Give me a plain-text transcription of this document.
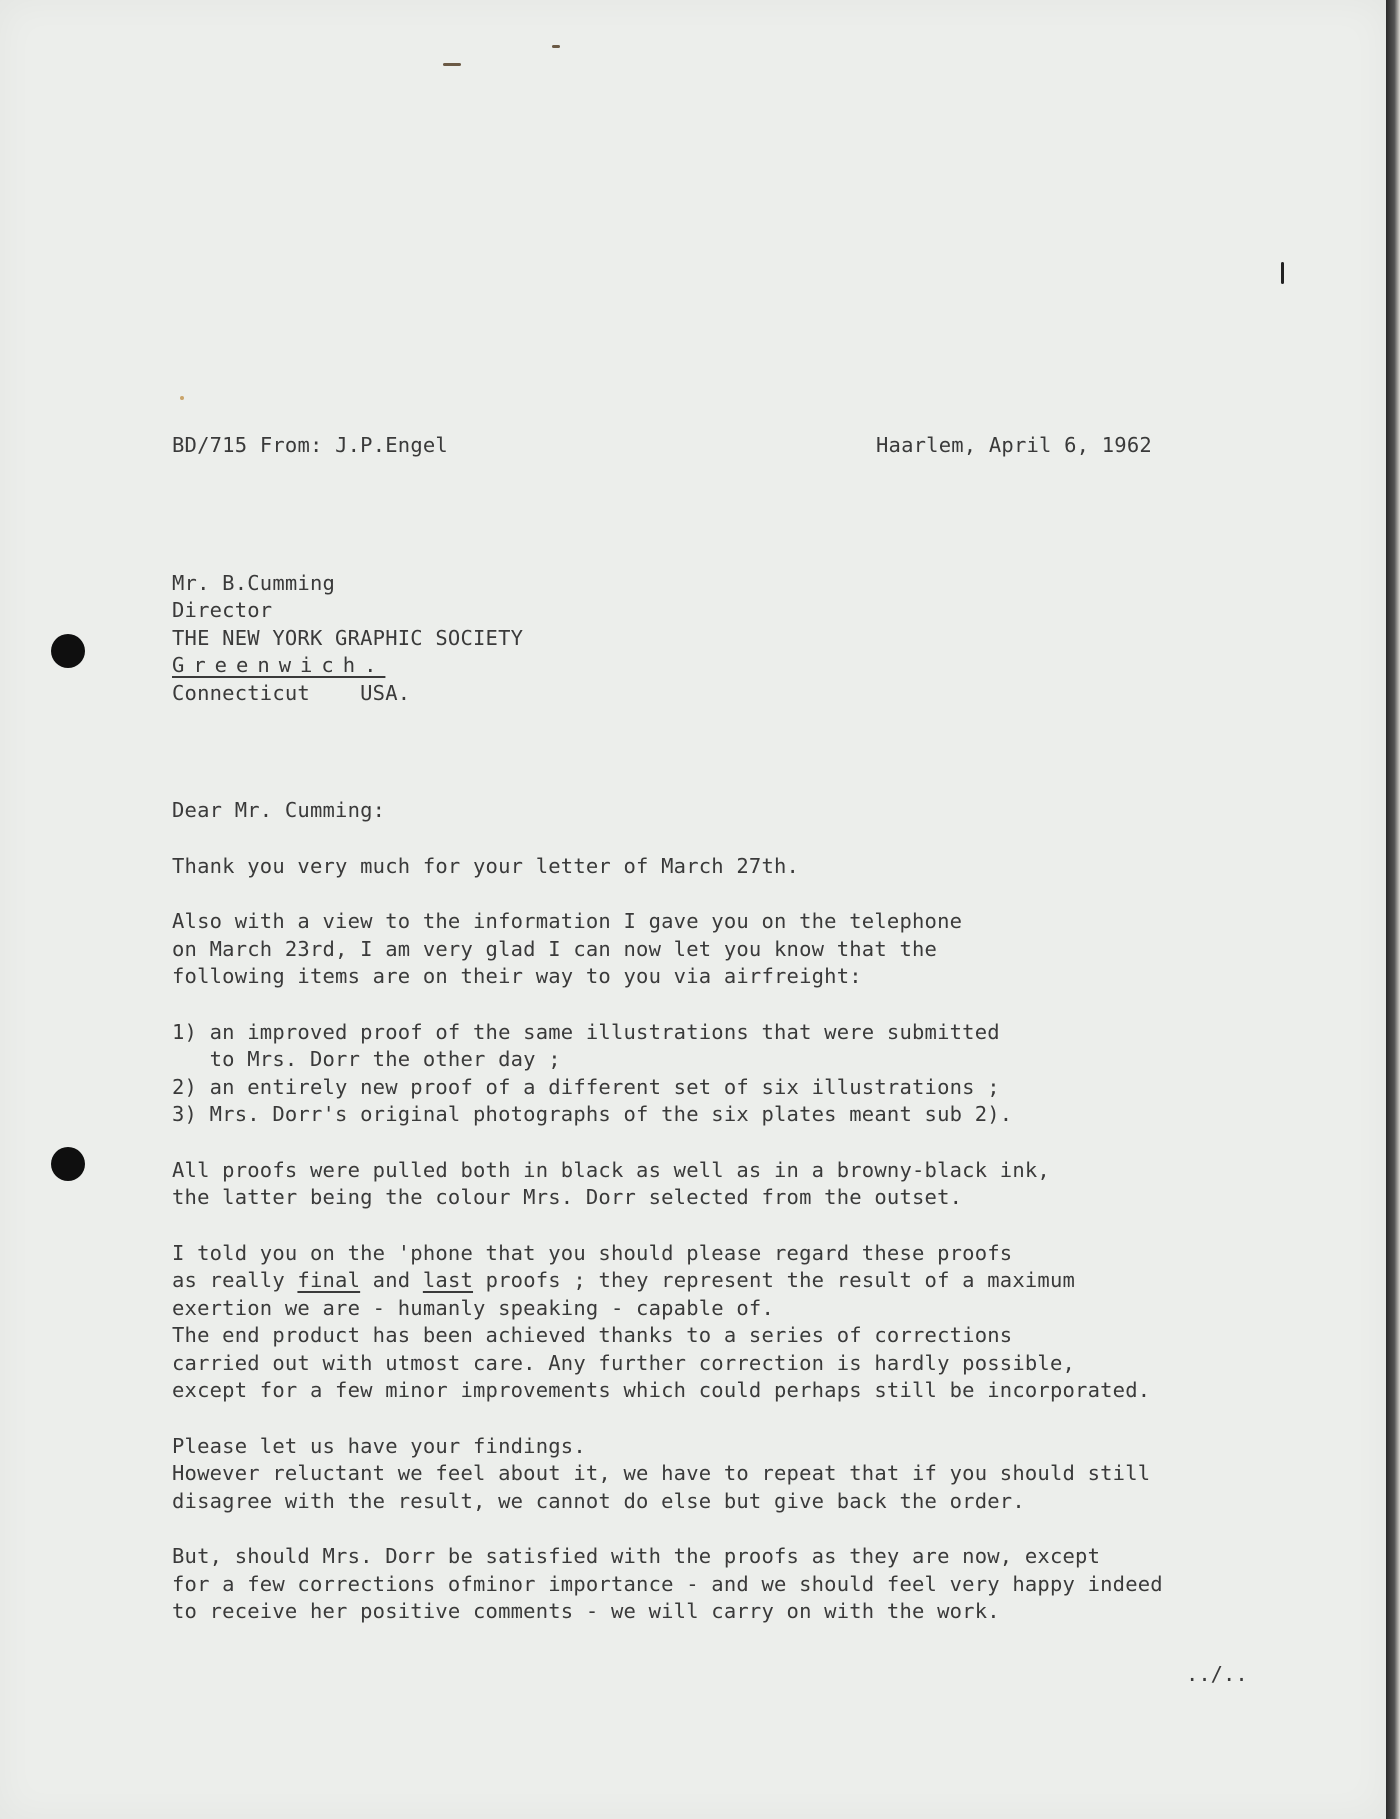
BD/715 From: J.P.Engel	Haarlem, April 6, 1962
Mr. B.Cumming
Director
THE NEW YORK GRAPHIC SOCIETY
Greenwich.
Connecticut    USA.
Dear Mr. Cumming:
Thank you very much for your letter of March 27th.
Also with a view to the information I gave you on the telephone
on March 23rd, I am very glad I can now let you know that the
following items are on their way to you via airfreight:
1) an improved proof of the same illustrations that were submitted
to Mrs. Dorr the other day ;
2) an entirely new proof of a different set of six illustrations ;
3) Mrs. Dorr's original photographs of the six plates meant sub 2).
All proofs were pulled both in black as well as in a browny-black ink,
the latter being the colour Mrs. Dorr selected from the outset.
I told you on the 'phone that you should please regard these proofs
as really final and last proofs ; they represent the result of a maximum
exertion we are - humanly speaking - capable of.
The end product has been achieved thanks to a series of corrections
carried out with utmost care. Any further correction is hardly possible,
except for a few minor improvements which could perhaps still be incorporated.
Please let us have your findings.
However reluctant we feel about it, we have to repeat that if you should still
disagree with the result, we cannot do else but give back the order.
But, should Mrs. Dorr be satisfied with the proofs as they are now, except
for a few corrections ofminor importance - and we should feel very happy indeed
to receive her positive comments - we will carry on with the work.
../..
